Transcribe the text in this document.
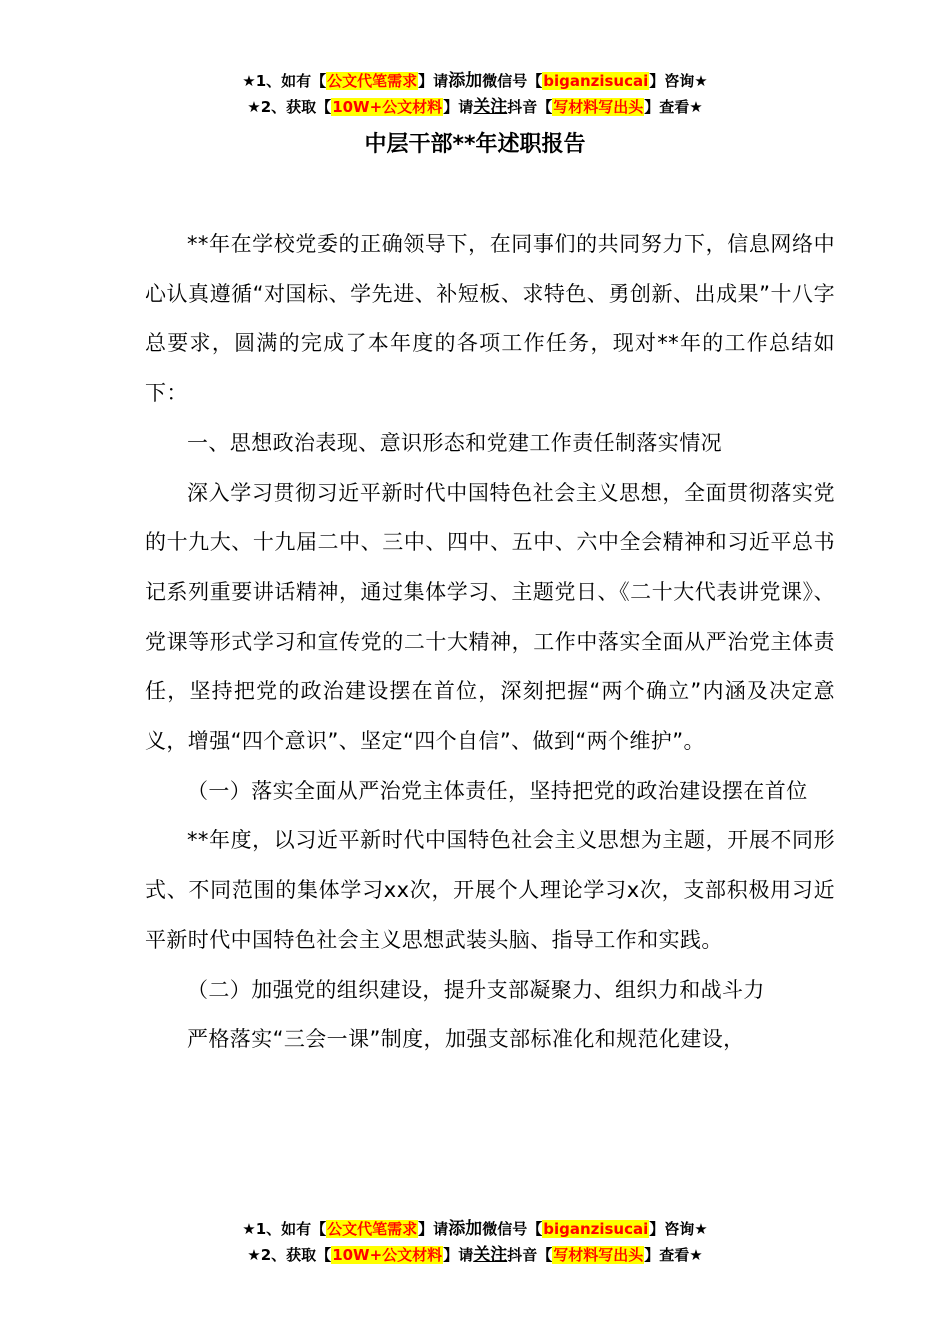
★1、如有【公文代笔需求】请添加微信号【biganzisucai】咨询★
★2、获取【10W+公文材料】请关注抖音【写材料写出头】查看★
中层干部**年述职报告

**年在学校党委的正确领导下，在同事们的共同努力下，信息网络中心认真遵循“对国标、学先进、补短板、求特色、勇创新、出成果”十八字总要求，圆满的完成了本年度的各项工作任务，现对**年的工作总结如下：

一、思想政治表现、意识形态和党建工作责任制落实情况

深入学习贯彻习近平新时代中国特色社会主义思想，全面贯彻落实党的十九大、十九届二中、三中、四中、五中、六中全会精神和习近平总书记系列重要讲话精神，通过集体学习、主题党日、《二十大代表讲党课》、党课等形式学习和宣传党的二十大精神，工作中落实全面从严治党主体责任，坚持把党的政治建设摆在首位，深刻把握“两个确立”内涵及决定意义，增强“四个意识”、坚定“四个自信”、做到“两个维护”。

（一）落实全面从严治党主体责任，坚持把党的政治建设摆在首位

**年度，以习近平新时代中国特色社会主义思想为主题，开展不同形式、不同范围的集体学习xx次，开展个人理论学习x次，支部积极用习近平新时代中国特色社会主义思想武装头脑、指导工作和实践。

（二）加强党的组织建设，提升支部凝聚力、组织力和战斗力

严格落实“三会一课”制度，加强支部标准化和规范化建设，

★1、如有【公文代笔需求】请添加微信号【biganzisucai】咨询★
★2、获取【10W+公文材料】请关注抖音【写材料写出头】查看★
